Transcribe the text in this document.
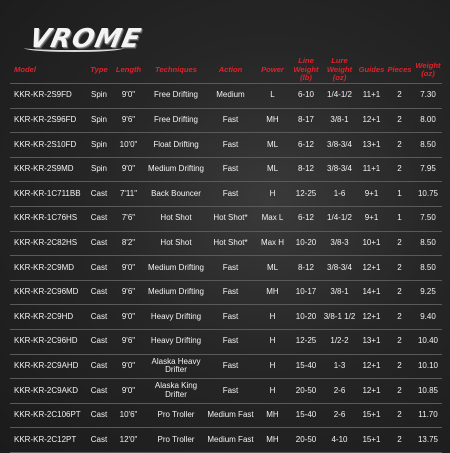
VROME
Model	Type	Length	Techniques	Action	Power	Line Weight (lb)	Lure Weight (oz)	Guides	Pieces	Weight (oz)
KKR-KR-2S9FD	Spin	9'0"	Free Drifting	Medium	L	6-10	1/4-1/2	11+1	2	7.30
KKR-KR-2S96FD	Spin	9'6"	Free Drifting	Fast	MH	8-17	3/8-1	12+1	2	8.00
KKR-KR-2S10FD	Spin	10'0"	Float Drifting	Fast	ML	6-12	3/8-3/4	13+1	2	8.50
KKR-KR-2S9MD	Spin	9'0"	Medium Drifting	Fast	ML	8-12	3/8-3/4	11+1	2	7.95
KKR-KR-1C711BB	Cast	7'11"	Back Bouncer	Fast	H	12-25	1-6	9+1	1	10.75
KKR-KR-1C76HS	Cast	7'6"	Hot Shot	Hot Shot*	Max L	6-12	1/4-1/2	9+1	1	7.50
KKR-KR-2C82HS	Cast	8'2"	Hot Shot	Hot Shot*	Max H	10-20	3/8-3	10+1	2	8.50
KKR-KR-2C9MD	Cast	9'0"	Medium Drifting	Fast	ML	8-12	3/8-3/4	12+1	2	8.50
KKR-KR-2C96MD	Cast	9'6"	Medium Drifting	Fast	MH	10-17	3/8-1	14+1	2	9.25
KKR-KR-2C9HD	Cast	9'0"	Heavy Drifting	Fast	H	10-20	3/8-1 1/2	12+1	2	9.40
KKR-KR-2C96HD	Cast	9'6"	Heavy Drifting	Fast	H	12-25	1/2-2	13+1	2	10.40
KKR-KR-2C9AHD	Cast	9'0"	Alaska Heavy Drifter	Fast	H	15-40	1-3	12+1	2	10.10
KKR-KR-2C9AKD	Cast	9'0"	Alaska King Drifter	Fast	H	20-50	2-6	12+1	2	10.85
KKR-KR-2C106PT	Cast	10'6"	Pro Troller	Medium Fast	MH	15-40	2-6	15+1	2	11.70
KKR-KR-2C12PT	Cast	12'0"	Pro Troller	Medium Fast	MH	20-50	4-10	15+1	2	13.75
